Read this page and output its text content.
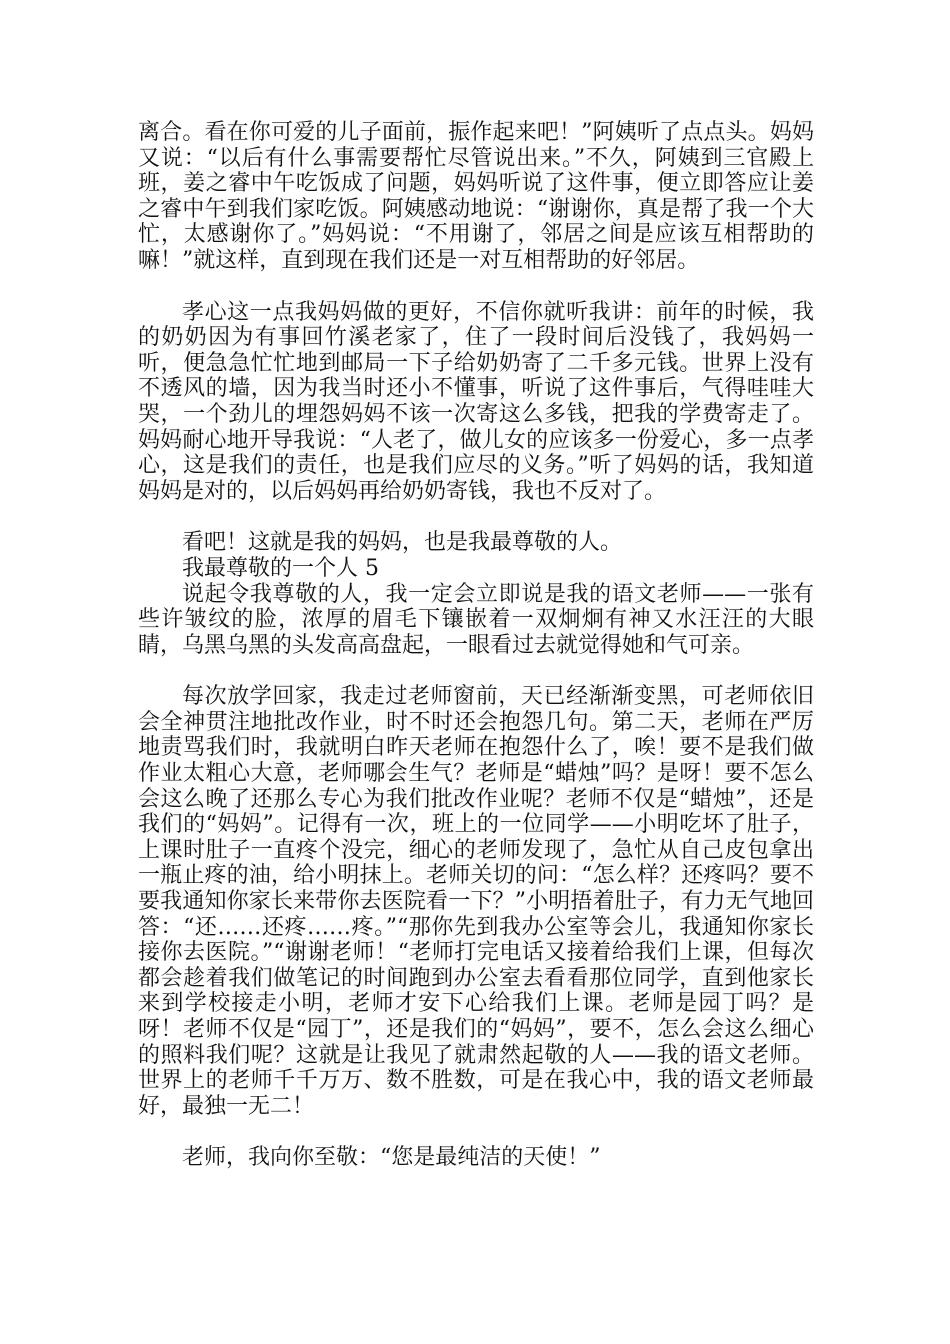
离合。看在你可爱的儿子面前，振作起来吧！”阿姨听了点点头。妈妈又说：“以后有什么事需要帮忙尽管说出来。”不久，阿姨到三官殿上班，姜之睿中午吃饭成了问题，妈妈听说了这件事，便立即答应让姜之睿中午到我们家吃饭。阿姨感动地说：“谢谢你，真是帮了我一个大忙，太感谢你了。”妈妈说：“不用谢了，邻居之间是应该互相帮助的嘛！”就这样，直到现在我们还是一对互相帮助的好邻居。

孝心这一点我妈妈做的更好，不信你就听我讲：前年的时候，我的奶奶因为有事回竹溪老家了，住了一段时间后没钱了，我妈妈一听，便急急忙忙地到邮局一下子给奶奶寄了二千多元钱。世界上没有不透风的墙，因为我当时还小不懂事，听说了这件事后，气得哇哇大哭，一个劲儿的埋怨妈妈不该一次寄这么多钱，把我的学费寄走了。妈妈耐心地开导我说：“人老了，做儿女的应该多一份爱心，多一点孝心，这是我们的责任，也是我们应尽的义务。”听了妈妈的话，我知道妈妈是对的，以后妈妈再给奶奶寄钱，我也不反对了。

看吧！这就是我的妈妈，也是我最尊敬的人。

我最尊敬的一个人 5

说起令我尊敬的人，我一定会立即说是我的语文老师——一张有些许皱纹的脸，浓厚的眉毛下镶嵌着一双炯炯有神又水汪汪的大眼睛，乌黑乌黑的头发高高盘起，一眼看过去就觉得她和气可亲。

每次放学回家，我走过老师窗前，天已经渐渐变黑，可老师依旧会全神贯注地批改作业，时不时还会抱怨几句。第二天，老师在严厉地责骂我们时，我就明白昨天老师在抱怨什么了，唉！要不是我们做作业太粗心大意，老师哪会生气？老师是“蜡烛”吗？是呀！要不怎么会这么晚了还那么专心为我们批改作业呢？老师不仅是“蜡烛”，还是我们的“妈妈”。记得有一次，班上的一位同学——小明吃坏了肚子，上课时肚子一直疼个没完，细心的老师发现了，急忙从自己皮包拿出一瓶止疼的油，给小明抹上。老师关切的问：“怎么样？还疼吗？要不要我通知你家长来带你去医院看一下？”小明捂着肚子，有力无气地回答：“还……还疼……疼。”“那你先到我办公室等会儿，我通知你家长接你去医院。”“谢谢老师！“老师打完电话又接着给我们上课，但每次都会趁着我们做笔记的时间跑到办公室去看看那位同学，直到他家长来到学校接走小明，老师才安下心给我们上课。老师是园丁吗？是呀！老师不仅是“园丁”，还是我们的“妈妈”，要不，怎么会这么细心的照料我们呢？这就是让我见了就肃然起敬的人——我的语文老师。世界上的老师千千万万、数不胜数，可是在我心中，我的语文老师最好，最独一无二！

老师，我向你至敬：“您是最纯洁的天使！”
